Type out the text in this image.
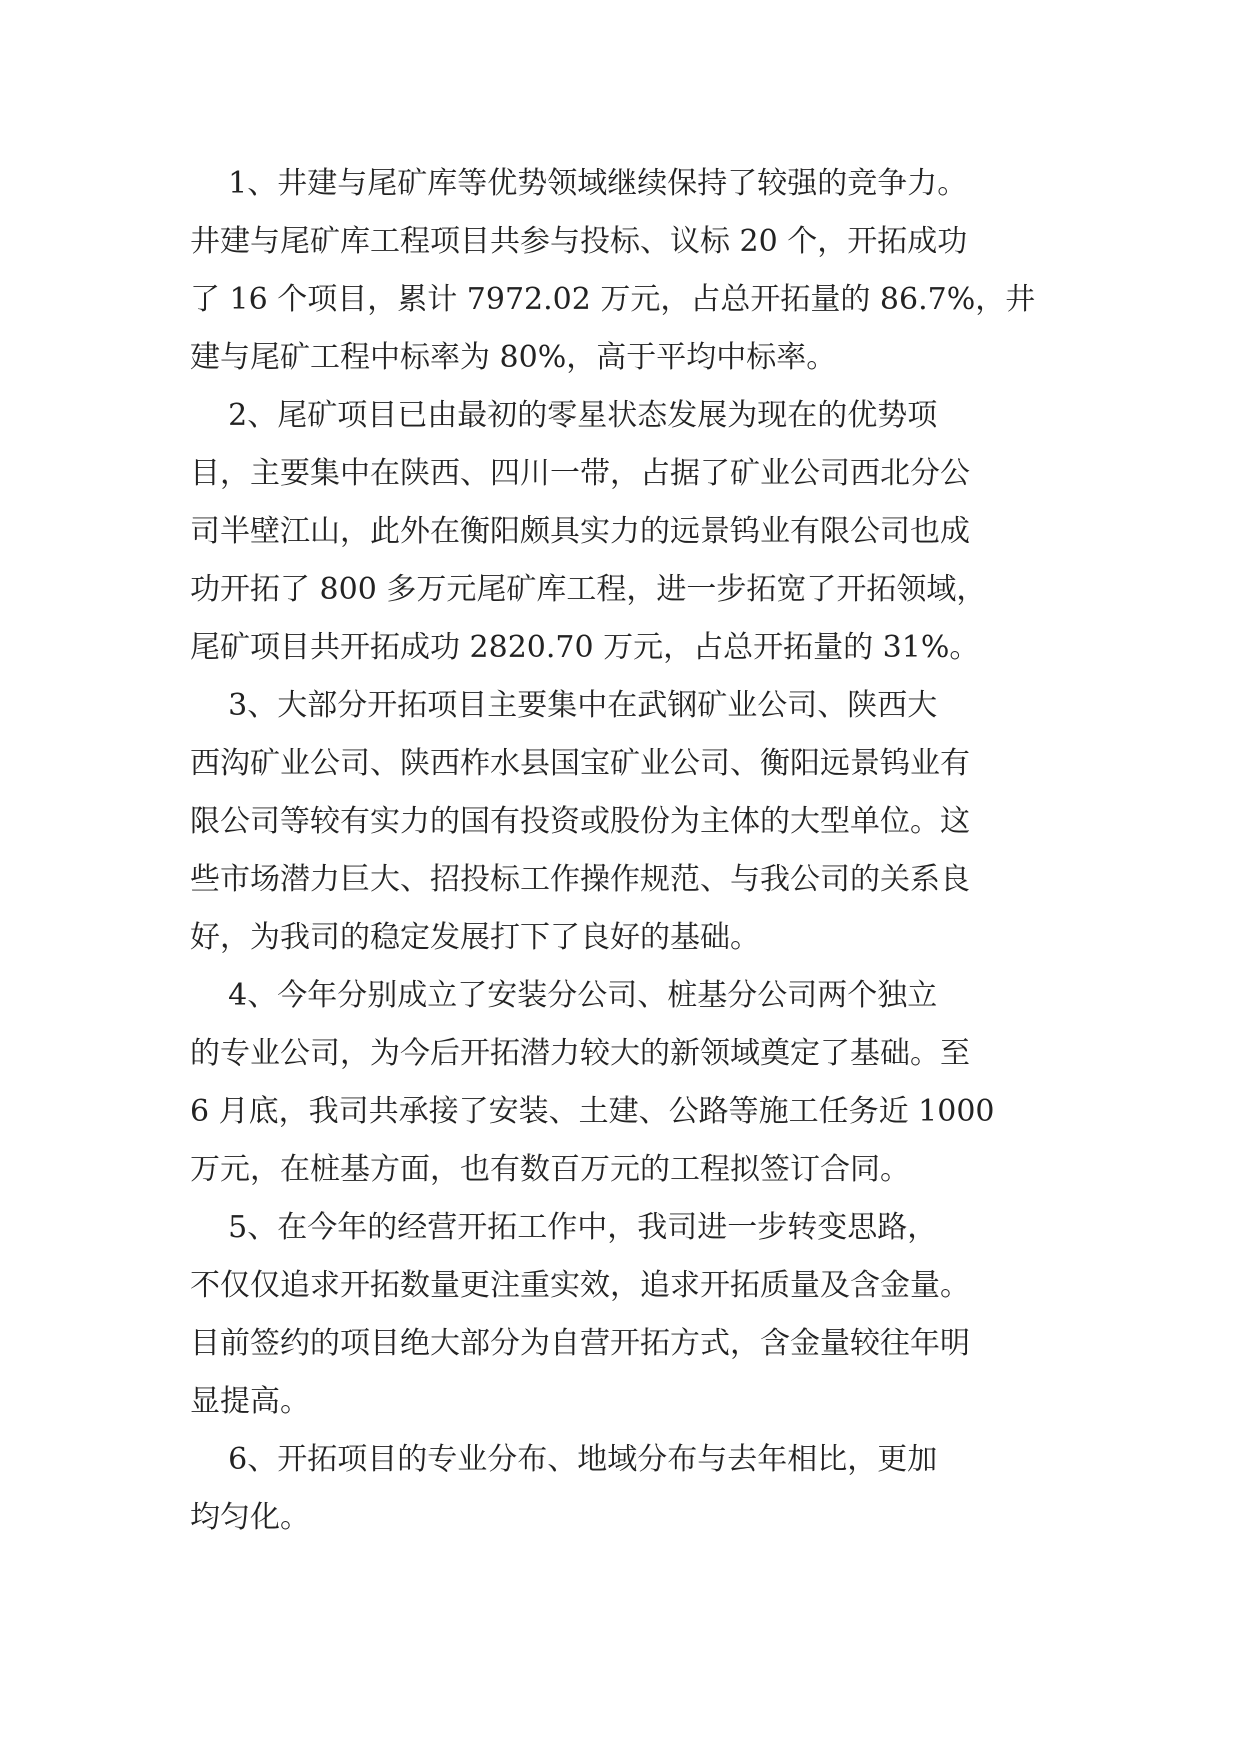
1、井建与尾矿库等优势领域继续保持了较强的竞争力。
井建与尾矿库工程项目共参与投标、议标 20 个，开拓成功
了 16 个项目，累计 7972.02 万元，占总开拓量的 86.7%，井
建与尾矿工程中标率为 80%，高于平均中标率。
2、尾矿项目已由最初的零星状态发展为现在的优势项
目，主要集中在陕西、四川一带，占据了矿业公司西北分公
司半壁江山，此外在衡阳颇具实力的远景钨业有限公司也成
功开拓了 800 多万元尾矿库工程，进一步拓宽了开拓领域，
尾矿项目共开拓成功 2820.70 万元，占总开拓量的 31%。
3、大部分开拓项目主要集中在武钢矿业公司、陕西大
西沟矿业公司、陕西柞水县国宝矿业公司、衡阳远景钨业有
限公司等较有实力的国有投资或股份为主体的大型单位。这
些市场潜力巨大、招投标工作操作规范、与我公司的关系良
好，为我司的稳定发展打下了良好的基础。
4、今年分别成立了安装分公司、桩基分公司两个独立
的专业公司，为今后开拓潜力较大的新领域奠定了基础。至
6 月底，我司共承接了安装、土建、公路等施工任务近 1000
万元，在桩基方面，也有数百万元的工程拟签订合同。
5、在今年的经营开拓工作中，我司进一步转变思路，
不仅仅追求开拓数量更注重实效，追求开拓质量及含金量。
目前签约的项目绝大部分为自营开拓方式，含金量较往年明
显提高。
6、开拓项目的专业分布、地域分布与去年相比，更加
均匀化。
